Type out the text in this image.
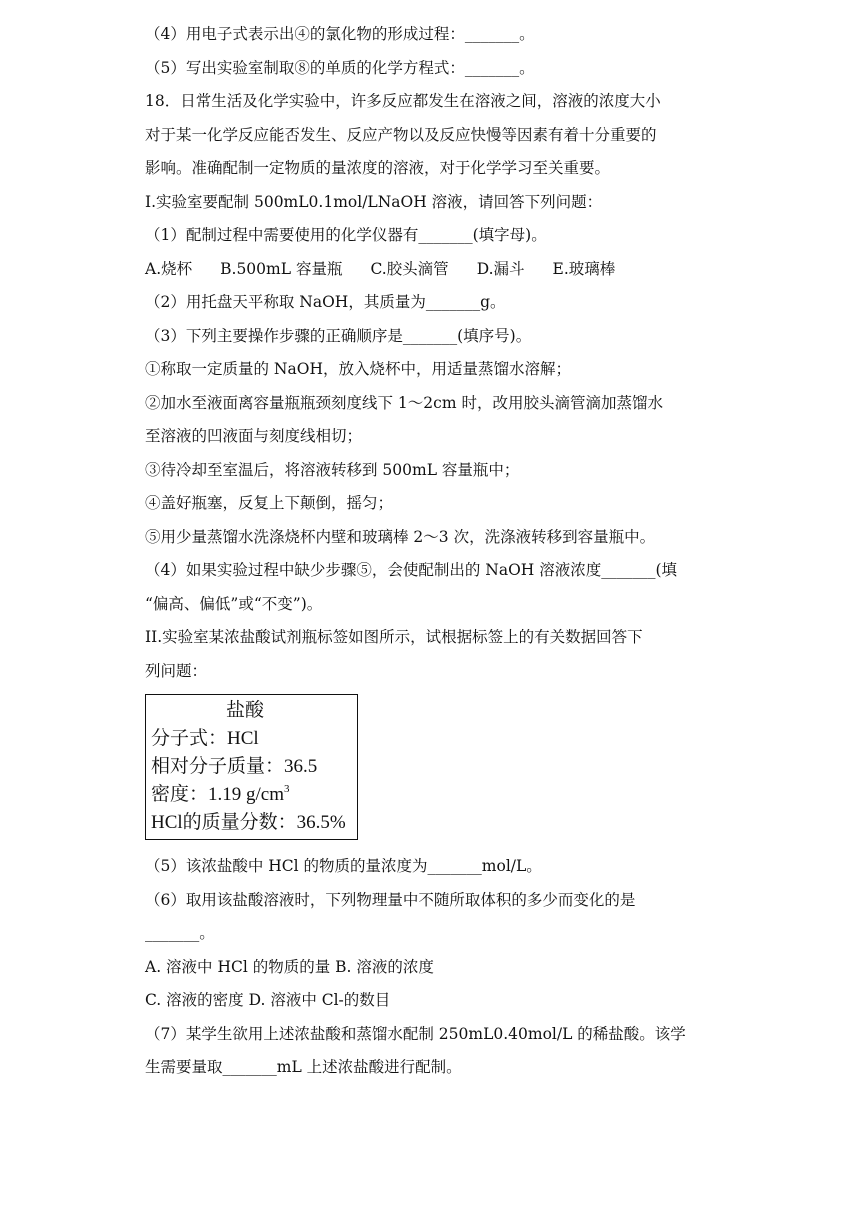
（4）用电子式表示出④的氯化物的形成过程：_______。

（5）写出实验室制取⑧的单质的化学方程式：_______。

18．日常生活及化学实验中，许多反应都发生在溶液之间，溶液的浓度大小

对于某一化学反应能否发生、反应产物以及反应快慢等因素有着十分重要的

影响。准确配制一定物质的量浓度的溶液，对于化学学习至关重要。

I.实验室要配制 500mL0.1mol/LNaOH 溶液，请回答下列问题：

（1）配制过程中需要使用的化学仪器有_______(填字母)。

A.烧杯 B.500mL 容量瓶 C.胶头滴管 D.漏斗 E.玻璃棒

（2）用托盘天平称取 NaOH，其质量为_______g。

（3）下列主要操作步骤的正确顺序是_______(填序号)。

①称取一定质量的 NaOH，放入烧杯中，用适量蒸馏水溶解；

②加水至液面离容量瓶瓶颈刻度线下 1～2cm 时，改用胶头滴管滴加蒸馏水

至溶液的凹液面与刻度线相切；

③待冷却至室温后，将溶液转移到 500mL 容量瓶中；

④盖好瓶塞，反复上下颠倒，摇匀；

⑤用少量蒸馏水洗涤烧杯内壁和玻璃棒 2～3 次，洗涤液转移到容量瓶中。

（4）如果实验过程中缺少步骤⑤，会使配制出的 NaOH 溶液浓度_______(填

“偏高、偏低”或“不变”)。

II.实验室某浓盐酸试剂瓶标签如图所示，试根据标签上的有关数据回答下

列问题：

盐酸
分子式：HCl
相对分子质量：36.5
密度：1.19 $g/cm^3$
HCl的质量分数：36.5%

（5）该浓盐酸中 HCl 的物质的量浓度为_______mol/L。

（6）取用该盐酸溶液时，下列物理量中不随所取体积的多少而变化的是

_______。

A. 溶液中 HCl 的物质的量 B. 溶液的浓度

C. 溶液的密度 D. 溶液中 Cl-的数目

（7）某学生欲用上述浓盐酸和蒸馏水配制 250mL0.40mol/L 的稀盐酸。该学

生需要量取_______mL 上述浓盐酸进行配制。
